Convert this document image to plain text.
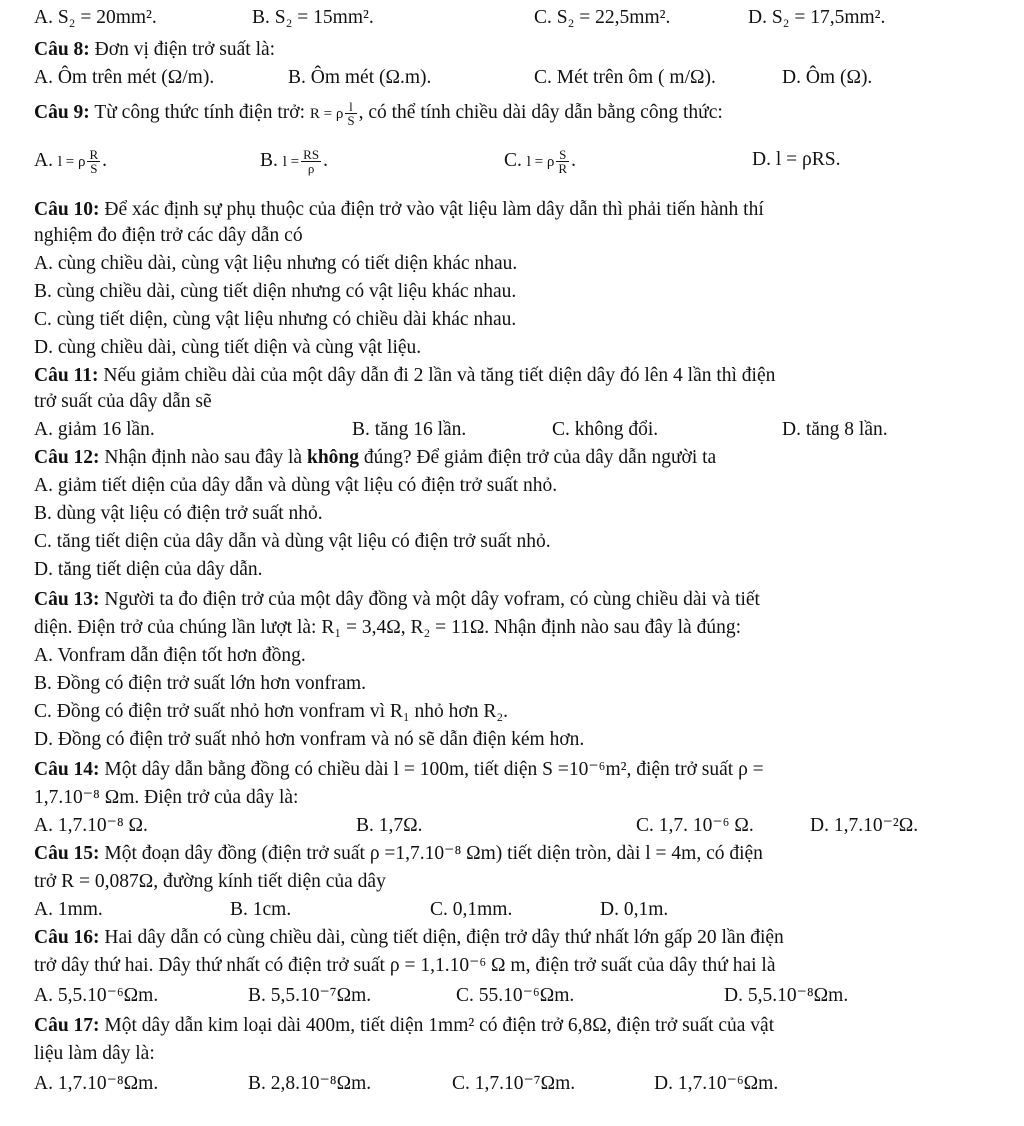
A. S₂ = 20mm².	B. S₂ = 15mm².	C. S₂ = 22,5mm².	D. S₂ = 17,5mm².
Câu 8: Đơn vị điện trở suất là:
A. Ôm trên mét (Ω/m).	B. Ôm mét (Ω.m).	C. Mét trên ôm ( m/Ω).	D. Ôm (Ω).
Câu 9: Từ công thức tính điện trở: R = ρ $\frac{l}{S}$ , có thể tính chiều dài dây dẫn bằng công thức:
A. l = ρ $\frac{R}{S}$ .	B. $l = \frac{RS}{\rho}$ .	C. l = ρ $\frac{S}{R}$ .	D. l = ρRS.
Câu 10: Để xác định sự phụ thuộc của điện trở vào vật liệu làm dây dẫn thì phải tiến hành thí
nghiệm đo điện trở các dây dẫn có
A. cùng chiều dài, cùng vật liệu nhưng có tiết diện khác nhau.
B. cùng chiều dài, cùng tiết diện nhưng có vật liệu khác nhau.
C. cùng tiết diện, cùng vật liệu nhưng có chiều dài khác nhau.
D. cùng chiều dài, cùng tiết diện và cùng vật liệu.
Câu 11: Nếu giảm chiều dài của một dây dẫn đi 2 lần và tăng tiết diện dây đó lên 4 lần thì điện
trở suất của dây dẫn sẽ
A. giảm 16 lần.	B. tăng 16 lần.	C. không đổi.	D. tăng 8 lần.
Câu 12: Nhận định nào sau đây là không đúng? Để giảm điện trở của dây dẫn người ta
A. giảm tiết diện của dây dẫn và dùng vật liệu có điện trở suất nhỏ.
B. dùng vật liệu có điện trở suất nhỏ.
C. tăng tiết diện của dây dẫn và dùng vật liệu có điện trở suất nhỏ.
D. tăng tiết diện của dây dẫn.
Câu 13: Người ta đo điện trở của một dây đồng và một dây vofram, có cùng chiều dài và tiết
diện. Điện trở của chúng lần lượt là: R₁ = 3,4Ω, R₂ = 11Ω. Nhận định nào sau đây là đúng:
A. Vonfram dẫn điện tốt hơn đồng.
B. Đồng có điện trở suất lớn hơn vonfram.
C. Đồng có điện trở suất nhỏ hơn vonfram vì R₁ nhỏ hơn R₂.
D. Đồng có điện trở suất nhỏ hơn vonfram và nó sẽ dẫn điện kém hơn.
Câu 14: Một dây dẫn bằng đồng có chiều dài l = 100m, tiết diện S =10⁻⁶m², điện trở suất ρ =
1,7.10⁻⁸ Ωm. Điện trở của dây là:
A. 1,7.10⁻⁸ Ω.	B. 1,7Ω.	C. 1,7. 10⁻⁶ Ω.	D. 1,7.10⁻²Ω.
Câu 15: Một đoạn dây đồng (điện trở suất ρ =1,7.10⁻⁸ Ωm) tiết diện tròn, dài l = 4m, có điện
trở R = 0,087Ω, đường kính tiết diện của dây
A. 1mm.	B. 1cm.	C. 0,1mm.	D. 0,1m.
Câu 16: Hai dây dẫn có cùng chiều dài, cùng tiết diện, điện trở dây thứ nhất lớn gấp 20 lần điện
trở dây thứ hai. Dây thứ nhất có điện trở suất ρ = 1,1.10⁻⁶ Ω m, điện trở suất của dây thứ hai là
A. 5,5.10⁻⁶Ωm.	B. 5,5.10⁻⁷Ωm.	C. 55.10⁻⁶Ωm.	D. 5,5.10⁻⁸Ωm.
Câu 17: Một dây dẫn kim loại dài 400m, tiết diện 1mm² có điện trở 6,8Ω, điện trở suất của vật
liệu làm dây là:
A. 1,7.10⁻⁸Ωm.	B. 2,8.10⁻⁸Ωm.	C. 1,7.10⁻⁷Ωm.	D. 1,7.10⁻⁶Ωm.
